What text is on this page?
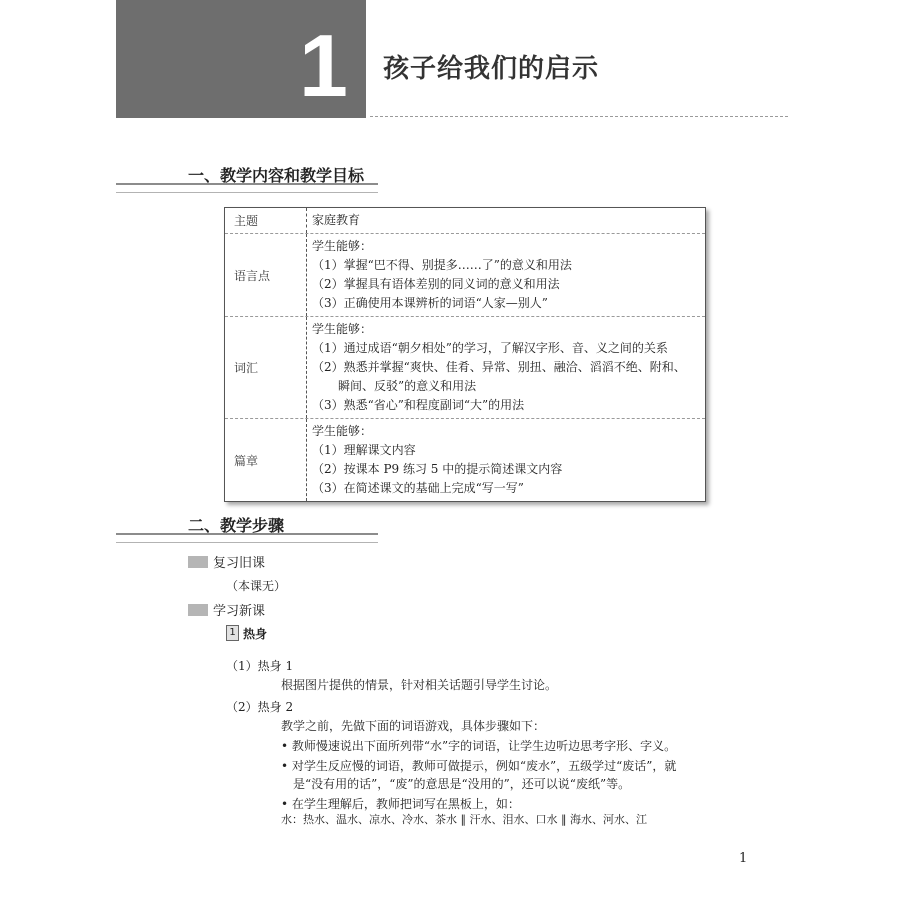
1 孩子给我们的启示
一、教学内容和教学目标
主题	家庭教育
语言点
学生能够：
（1）掌握“巴不得、别提多……了”的意义和用法
（2）掌握具有语体差别的同义词的意义和用法
（3）正确使用本课辨析的词语“人家—别人”
词汇
学生能够：
（1）通过成语“朝夕相处”的学习，了解汉字形、音、义之间的关系
（2）熟悉并掌握“爽快、佳肴、异常、别扭、融洽、滔滔不绝、附和、
瞬间、反驳”的意义和用法
（3）熟悉“省心”和程度副词“大”的用法
篇章
学生能够：
（1）理解课文内容
（2）按课本 P9 练习 5 中的提示简述课文内容
（3）在简述课文的基础上完成“写一写”
二、教学步骤
复习旧课
（本课无）
学习新课
1 热身
（1）热身 1
根据图片提供的情景，针对相关话题引导学生讨论。
（2）热身 2
教学之前，先做下面的词语游戏，具体步骤如下：
• 教师慢速说出下面所列带“水”字的词语，让学生边听边思考字形、字义。
• 对学生反应慢的词语，教师可做提示，例如“废水”，五级学过“废话”，就
是“没有用的话”，“废”的意思是“没用的”，还可以说“废纸”等。
• 在学生理解后，教师把词写在黑板上，如：
水：热水、温水、凉水、冷水、茶水 ‖ 汗水、泪水、口水 ‖ 海水、河水、江
1
